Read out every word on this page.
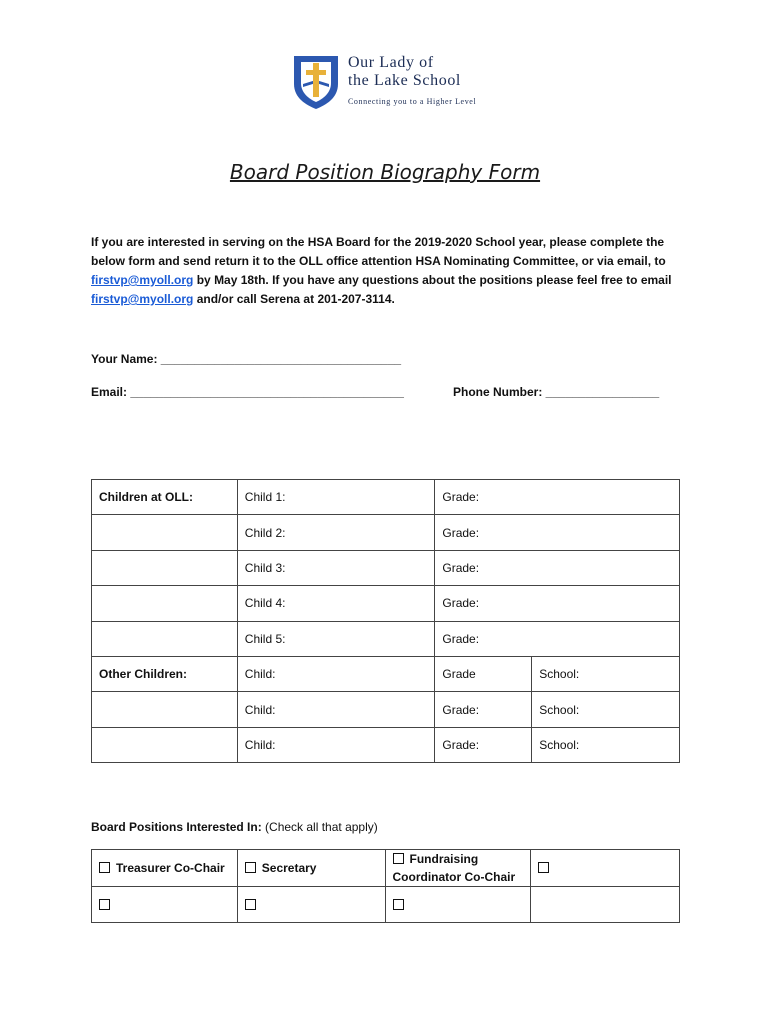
Our Lady of
the Lake School
Connecting you to a Higher Level
Board Position Biography Form
If you are interested in serving on the HSA Board for the 2019-2020 School year, please complete the below form and send return it to the OLL office attention HSA Nominating Committee, or via email, to firstvp@myoll.org by May 18th. If you have any questions about the positions please feel free to email firstvp@myoll.org and/or call Serena at 201-207-3114.
Your Name: ____________________________________
Email: _________________________________________	Phone Number: _________________
Children at OLL:	Child 1:	Grade:	
	Child 2:	Grade:	
	Child 3:	Grade:	
	Child 4:	Grade:	
	Child 5:	Grade:	
Other Children:	Child:	Grade	School:
	Child:	Grade:	School:
	Child:	Grade:	School:
Board Positions Interested In: (Check all that apply)
Treasurer Co-Chair	Secretary	Fundraising Coordinator Co-Chair	
